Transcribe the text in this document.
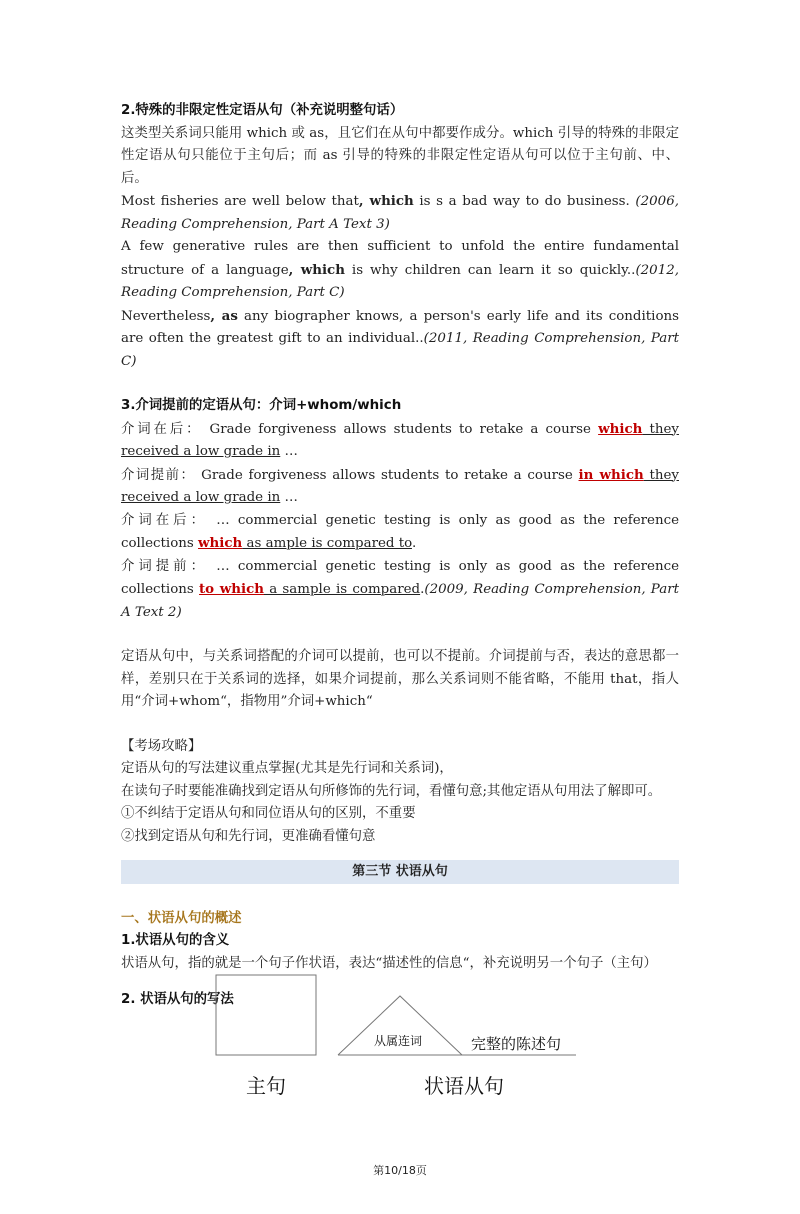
2.特殊的非限定性定语从句（补充说明整句话）

这类型关系词只能用 which 或 as，且它们在从句中都要作成分。which 引导的特殊的非限定性定语从句只能位于主句后；而 as 引导的特殊的非限定性定语从句可以位于主句前、中、后。

Most fisheries are well below that, which is s a bad way to do business. (2006, Reading Comprehension, Part A Text 3)

A few generative rules are then sufficient to unfold the entire fundamental structure of a language, which is why children can learn it so quickly..(2012, Reading Comprehension, Part C)

Nevertheless, as any biographer knows, a person's early life and its conditions are often the greatest gift to an individual..(2011, Reading Comprehension, Part C)

3.介词提前的定语从句：介词+whom/which

介词在后： Grade forgiveness allows students to retake a course which they received a low grade in …

介词提前： Grade forgiveness allows students to retake a course in which they received a low grade in …

介词在后： … commercial genetic testing is only as good as the reference collections which as ample is compared to.

介词提前： … commercial genetic testing is only as good as the reference collections to which a sample is compared.(2009, Reading Comprehension, Part A Text 2)

定语从句中，与关系词搭配的介词可以提前，也可以不提前。介词提前与否，表达的意思都一样，差别只在于关系词的选择，如果介词提前，那么关系词则不能省略，不能用 that，指人用“介词+whom“，指物用”介词+which“

【考场攻略】

定语从句的写法建议重点掌握(尤其是先行词和关系词)，

在读句子时要能准确找到定语从句所修饰的先行词，看懂句意;其他定语从句用法了解即可。

①不纠结于定语从句和同位语从句的区别，不重要

②找到定语从句和先行词，更准确看懂句意

第三节 状语从句

一、状语从句的概述

1.状语从句的含义

状语从句，指的就是一个句子作状语，表达“描述性的信息“，补充说明另一个句子（主句）

2. 状语从句的写法

从属连词	完整的陈述句
主句	状语从句
第10/18页
